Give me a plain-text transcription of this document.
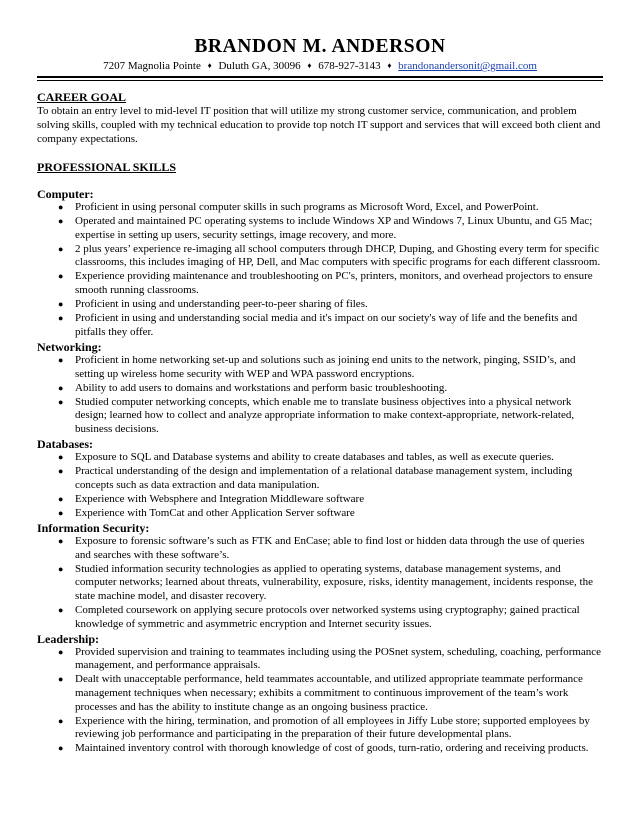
BRANDON M. ANDERSON

7207 Magnolia Pointe ♦ Duluth GA, 30096 ♦ 678-927-3143 ♦ brandonandersonit@gmail.com

CAREER GOAL

To obtain an entry level to mid-level IT position that will utilize my strong customer service, communication, and problem solving skills, coupled with my technical education to provide top notch IT support and services that will exceed both client and company expectations.

PROFESSIONAL SKILLS
Computer:
● Proficient in using personal computer skills in such programs as Microsoft Word, Excel, and PowerPoint.
● Operated and maintained PC operating systems to include Windows XP and Windows 7, Linux Ubuntu, and G5 Mac; expertise in setting up users, security settings, image recovery, and more.
● 2 plus years’ experience re-imaging all school computers through DHCP, Duping, and Ghosting every term for specific classrooms, this includes imaging of HP, Dell, and Mac computers with specific programs for each different classroom.
● Experience providing maintenance and troubleshooting on PC's, printers, monitors, and overhead projectors to ensure smooth running classrooms.
● Proficient in using and understanding peer-to-peer sharing of files.
● Proficient in using and understanding social media and it's impact on our society's way of life and the benefits and pitfalls they offer.
Networking:
● Proficient in home networking set-up and solutions such as joining end units to the network, pinging, SSID’s, and setting up wireless home security with WEP and WPA password encryptions.
● Ability to add users to domains and workstations and perform basic troubleshooting.
● Studied computer networking concepts, which enable me to translate business objectives into a physical network design; learned how to collect and analyze appropriate information to make context-appropriate, network-related, business decisions.
Databases:
● Exposure to SQL and Database systems and ability to create databases and tables, as well as execute queries.
● Practical understanding of the design and implementation of a relational database management system, including concepts such as data extraction and data manipulation.
● Experience with Websphere and Integration Middleware software
● Experience with TomCat and other Application Server software
Information Security:
● Exposure to forensic software’s such as FTK and EnCase; able to find lost or hidden data through the use of queries and searches with these software’s.
● Studied information security technologies as applied to operating systems, database management systems, and computer networks; learned about threats, vulnerability, exposure, risks, identity management, incidents response, the state machine model, and disaster recovery.
● Completed coursework on applying secure protocols over networked systems using cryptography; gained practical knowledge of symmetric and asymmetric encryption and Internet security issues.
Leadership:
● Provided supervision and training to teammates including using the POSnet system, scheduling, coaching, performance management, and performance appraisals.
● Dealt with unacceptable performance, held teammates accountable, and utilized appropriate teammate performance management techniques when necessary; exhibits a commitment to continuous improvement of the team’s work processes and has the ability to institute change as an ongoing business practice.
● Experience with the hiring, termination, and promotion of all employees in Jiffy Lube store; supported employees by reviewing job performance and participating in the preparation of their future developmental plans.
● Maintained inventory control with thorough knowledge of cost of goods, turn-ratio, ordering and receiving products.
